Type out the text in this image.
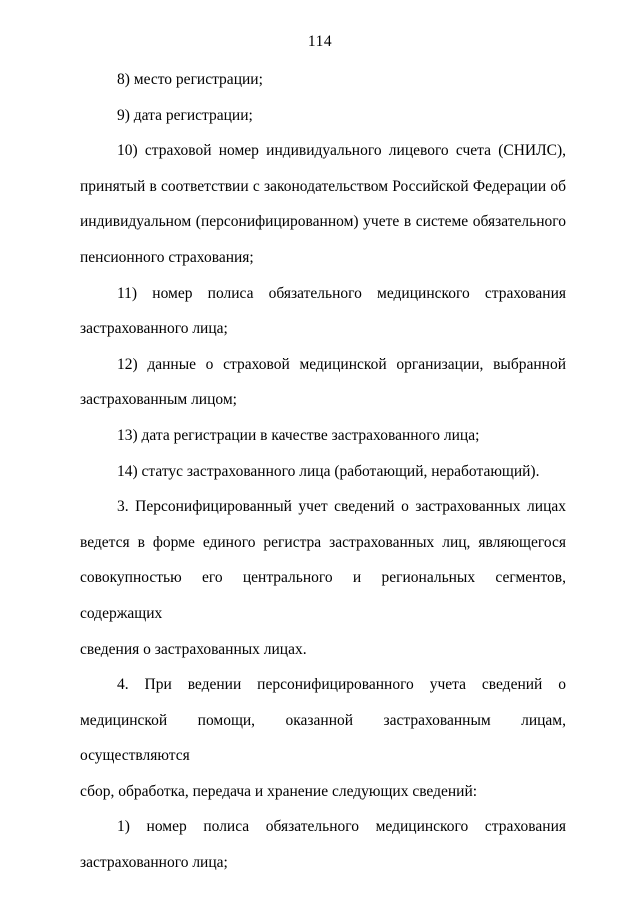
114
8) место регистрации;
9) дата регистрации;
10) страховой номер индивидуального лицевого счета (СНИЛС),
принятый в соответствии с законодательством Российской Федерации об
индивидуальном (персонифицированном) учете в системе обязательного
пенсионного страхования;
11) номер полиса обязательного медицинского страхования
застрахованного лица;
12) данные о страховой медицинской организации, выбранной
застрахованным лицом;
13) дата регистрации в качестве застрахованного лица;
14) статус застрахованного лица (работающий, неработающий).
3. Персонифицированный учет сведений о застрахованных лицах
ведется в форме единого регистра застрахованных лиц, являющегося
совокупностью его центрального и региональных сегментов, содержащих
сведения о застрахованных лицах.
4. При ведении персонифицированного учета сведений о
медицинской помощи, оказанной застрахованным лицам, осуществляются
сбор, обработка, передача и хранение следующих сведений:
1) номер полиса обязательного медицинского страхования
застрахованного лица;
